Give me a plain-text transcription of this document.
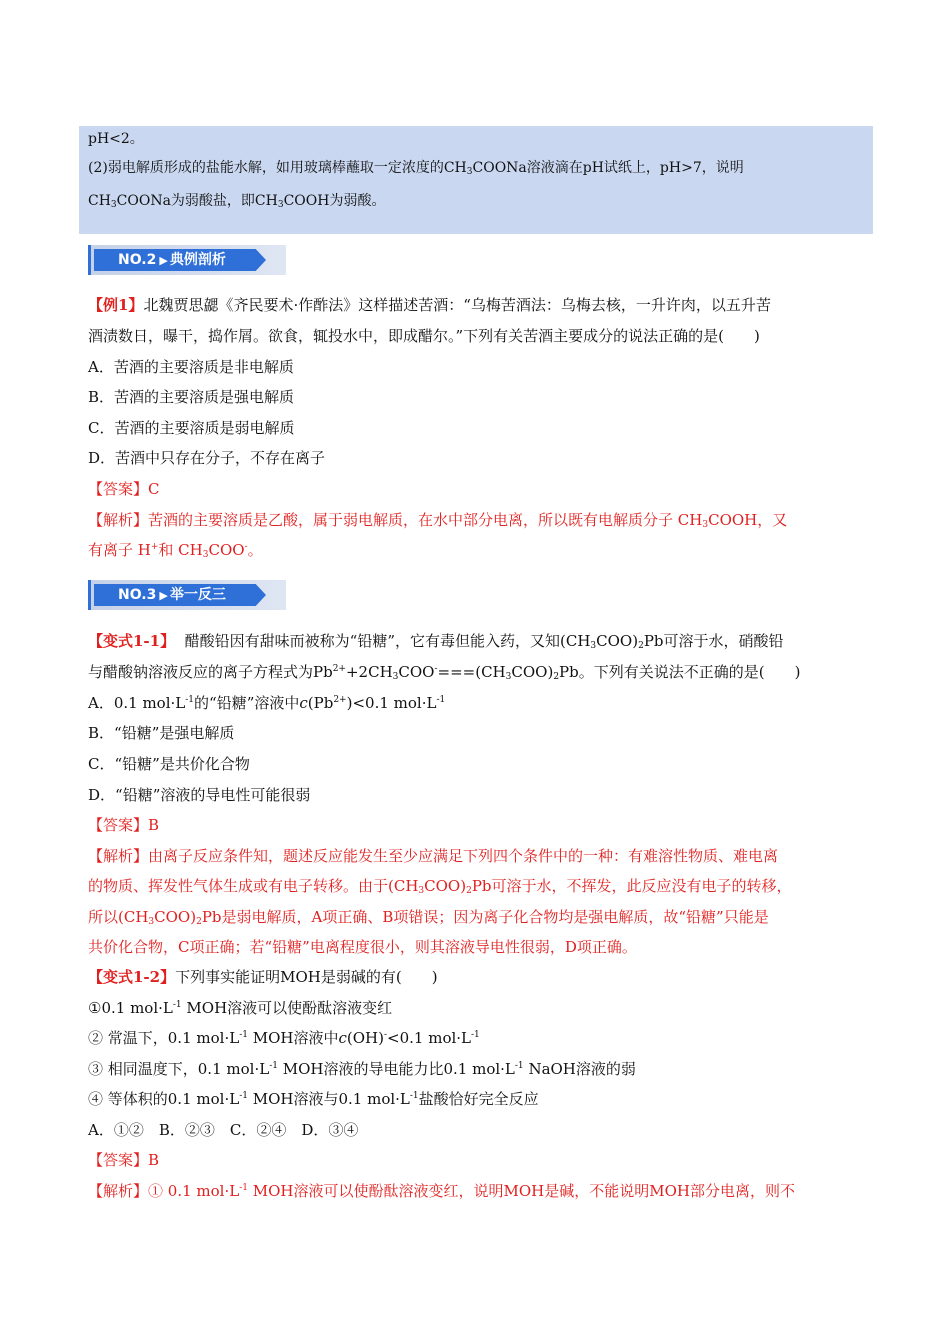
pH<2。
(2)弱电解质形成的盐能水解，如用玻璃棒蘸取一定浓度的$CH_3COONa$溶液滴在pH试纸上，pH>7，说明
$CH_3COONa$为弱酸盐，即$CH_3COOH$为弱酸。
NO.2 ▶ 典例剖析
【例1】北魏贾思勰《齐民要术·作酢法》这样描述苦酒：“乌梅苦酒法：乌梅去核，一升许肉，以五升苦
酒渍数日，曝干，捣作屑。欲食，辄投水中，即成醋尔。”下列有关苦酒主要成分的说法正确的是(　　)
A．苦酒的主要溶质是非电解质
B．苦酒的主要溶质是强电解质
C．苦酒的主要溶质是弱电解质
D．苦酒中只存在分子，不存在离子
【答案】C
【解析】苦酒的主要溶质是乙酸，属于弱电解质，在水中部分电离，所以既有电解质分子 $CH_3COOH$，又
有离子 H+和 $CH_3COO^-$。
NO.3 ▶ 举一反三
【变式1-1】 醋酸铅因有甜味而被称为“铅糖”，它有毒但能入药，又知$(CH_3COO)_2Pb$可溶于水，硝酸铅
与醋酸钠溶液反应的离子方程式为$Pb^{2+}+2CH_3COO^-===(CH_3COO)_2Pb$。下列有关说法不正确的是(　　)
A．0.1 $mol\cdot L^{-1}$的“铅糖”溶液中$c(Pb^{2+})<0.1$ $mol\cdot L^{-1}$
B．“铅糖”是强电解质
C．“铅糖”是共价化合物
D．“铅糖”溶液的导电性可能很弱
【答案】B
【解析】由离子反应条件知，题述反应能发生至少应满足下列四个条件中的一种：有难溶性物质、难电离
的物质、挥发性气体生成或有电子转移。由于$(CH_3COO)_2Pb$可溶于水，不挥发，此反应没有电子的转移，
所以$(CH_3COO)_2Pb$是弱电解质，A项正确、B项错误；因为离子化合物均是强电解质，故“铅糖”只能是
共价化合物，C项正确；若“铅糖”电离程度很小，则其溶液导电性很弱，D项正确。
【变式1-2】下列事实能证明MOH是弱碱的有(　　)
①0.1 $mol\cdot L^{-1}$ MOH溶液可以使酚酞溶液变红
② 常温下，0.1 $mol\cdot L^{-1}$ MOH溶液中c(OH)-<0.1 $mol\cdot L^{-1}$
③ 相同温度下，0.1 $mol\cdot L^{-1}$ MOH溶液的导电能力比0.1 $mol\cdot L^{-1}$ NaOH溶液的弱
④ 等体积的0.1 $mol\cdot L^{-1}$ MOH溶液与0.1 $mol\cdot L^{-1}$盐酸恰好完全反应
A．①②　B．②③　C．②④　D．③④
【答案】B
【解析】① 0.1 $mol\cdot L^{-1}$ MOH溶液可以使酚酞溶液变红，说明MOH是碱，不能说明MOH部分电离，则不
